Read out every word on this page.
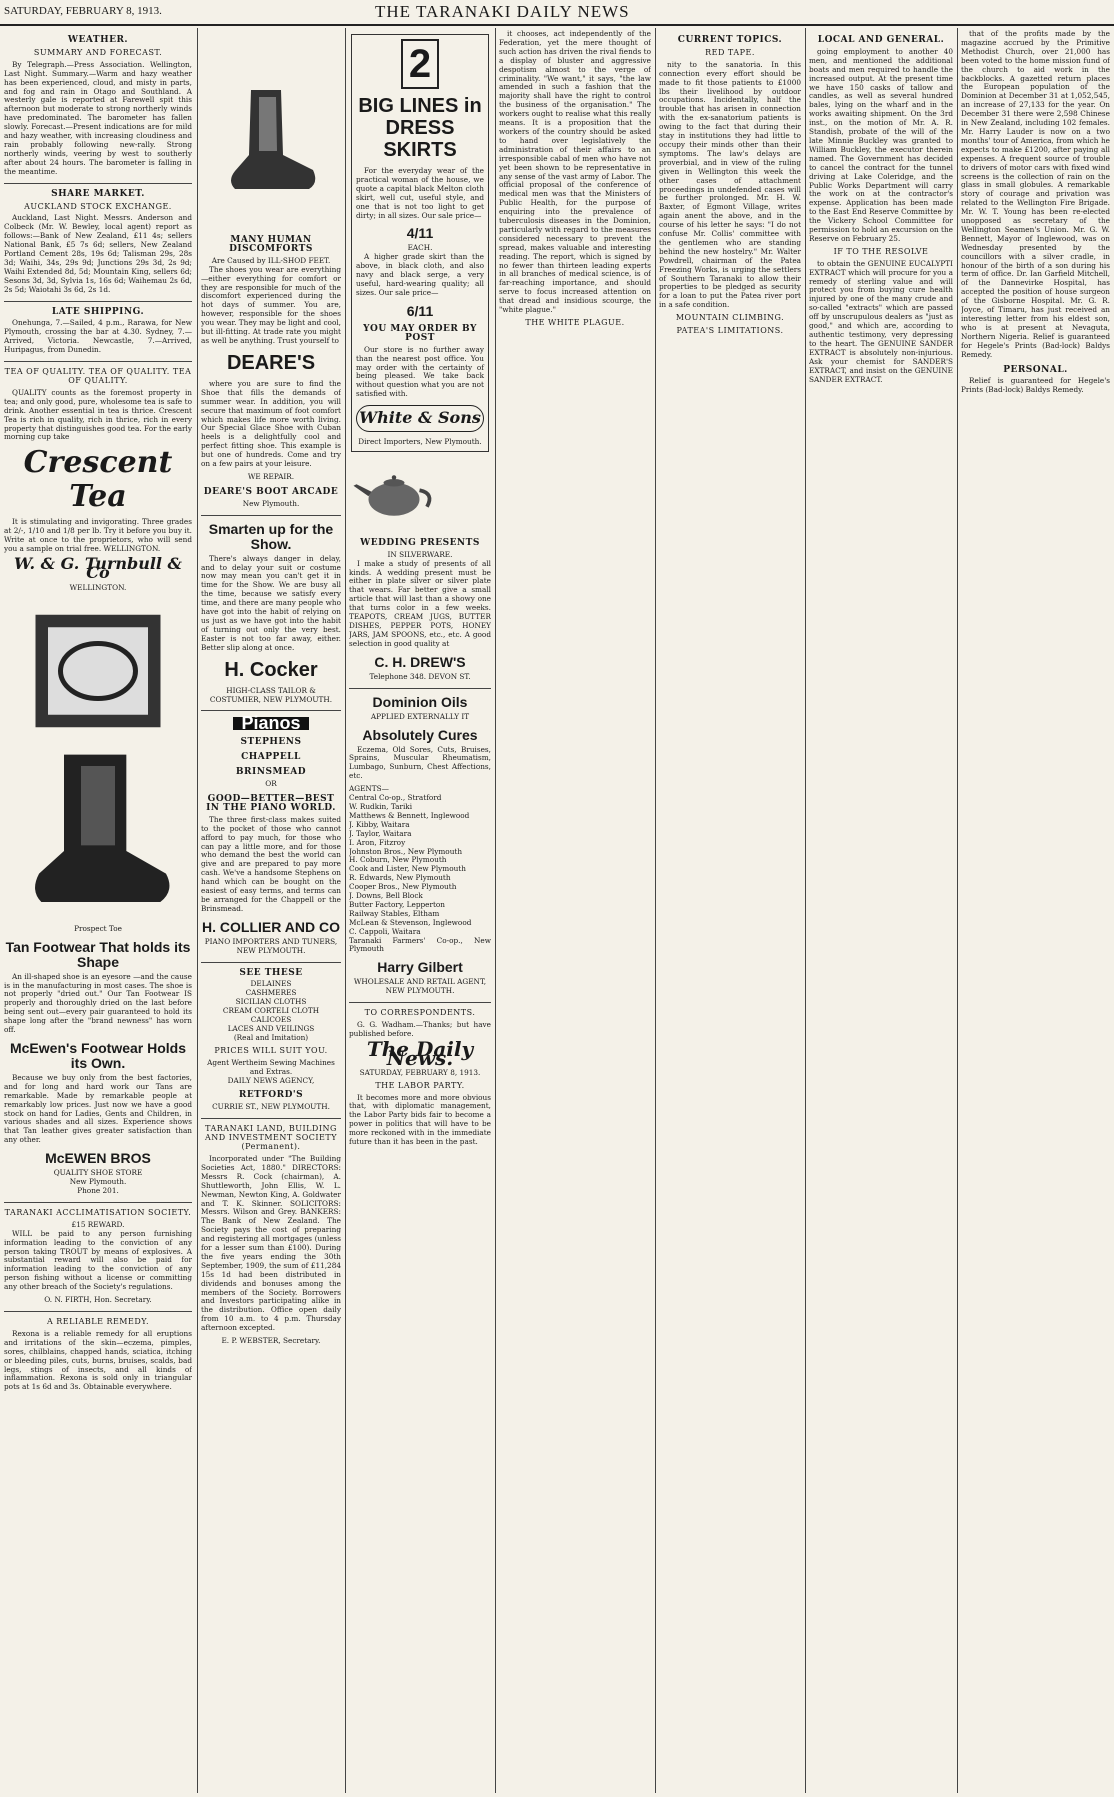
SATURDAY, FEBRUARY 8, 1913.	THE TARANAKI DAILY NEWS
WEATHER.
SUMMARY AND FORECAST.

By Telegraph.—Press Association. Wellington, Last Night. Summary.—Warm and hazy weather has been experienced, cloud, and misty in parts, and fog and rain in Otago and Southland. A westerly gale is reported at Farewell spit this afternoon but moderate to strong northerly winds have predominated. The barometer has fallen slowly. Forecast.—Present indications are for mild and hazy weather, with increasing cloudiness and rain probably following new-rally. Strong northerly winds, veering by west to southerly after about 24 hours. The barometer is falling in the meantime.

SHARE MARKET.
AUCKLAND STOCK EXCHANGE.

Auckland, Last Night. Messrs. Anderson and Colbeck (Mr. W. Bewley, local agent) report as follows:—Bank of New Zealand, £11 4s; sellers National Bank, £5 7s 6d; sellers, New Zealand Portland Cement 28s, 19s 6d; Talisman 29s, 28s 3d; Waihi, 34s, 29s 9d; Junctions 29s 3d, 2s 9d; Waihi Extended 8d, 5d; Mountain King, sellers 6d; Sesons 3d, 3d, Sylvia 1s, 16s 6d; Waihemau 2s 6d, 2s 5d; Waiotahi 3s 6d, 2s 1d.

LATE SHIPPING.

Onehunga, 7.—Sailed, 4 p.m., Rarawa, for New Plymouth, crossing the bar at 4.30. Sydney, 7.—Arrived, Victoria. Newcastle, 7.—Arrived, Huripagus, from Dunedin.

TEA OF QUALITY. TEA OF QUALITY. TEA OF QUALITY.

QUALITY counts as the foremost property in tea; and only good, pure, wholesome tea is safe to drink. Another essential in tea is thrice. Crescent Tea is rich in quality, rich in thrice, rich in every property that distinguishes good tea. For the early morning cup take

Crescent Tea

It is stimulating and invigorating. Three grades at 2/-, 1/10 and 1/8 per lb. Try it before you buy it. Write at once to the proprietors, who will send you a sample on trial free. WELLINGTON.

W. & G. Turnbull & Co
WELLINGTON.
Prospect Toe
Tan Footwear That holds its Shape

An ill-shaped shoe is an eyesore —and the cause is in the manufacturing in most cases. The shoe is not properly "dried out." Our Tan Footwear IS properly and thoroughly dried on the last before being sent out—every pair guaranteed to hold its shape long after the "brand newness" has worn off.

McEwen's Footwear Holds its Own.

Because we buy only from the best factories, and for long and hard work our Tans are remarkable. Made by remarkable people at remarkably low prices. Just now we have a good stock on hand for Ladies, Gents and Children, in various shades and all sizes. Experience shows that Tan leather gives greater satisfaction than any other.

McEWEN BROS
QUALITY SHOE STORE
New Plymouth.
Phone 201.
TARANAKI ACCLIMATISATION SOCIETY.
£15 REWARD.

WILL be paid to any person furnishing information leading to the conviction of any person taking TROUT by means of explosives. A substantial reward will also be paid for information leading to the conviction of any person fishing without a license or committing any other breach of the Society's regulations.

O. N. FIRTH, Hon. Secretary.
A RELIABLE REMEDY.

Rexona is a reliable remedy for all eruptions and irritations of the skin—eczema, pimples, sores, chilblains, chapped hands, sciatica, itching or bleeding piles, cuts, burns, bruises, scalds, bad legs, stings of insects, and all kinds of inflammation. Rexona is sold only in triangular pots at 1s 6d and 3s. Obtainable everywhere.

MANY HUMAN DISCOMFORTS
Are Caused by ILL-SHOD FEET.

The shoes you wear are everything—either everything for comfort or they are responsible for much of the discomfort experienced during the hot days of summer. You are, however, responsible for the shoes you wear. They may be light and cool, but ill-fitting. At trade rate you might as well be anything. Trust yourself to

DEARE'S

where you are sure to find the Shoe that fills the demands of summer wear. In addition, you will secure that maximum of foot comfort which makes life more worth living. Our Special Glace Shoe with Cuban heels is a delightfully cool and perfect fitting shoe. This example is but one of hundreds. Come and try on a few pairs at your leisure.

WE REPAIR.
DEARE'S BOOT ARCADE
New Plymouth.
Smarten up for the Show.

There's always danger in delay, and to delay your suit or costume now may mean you can't get it in time for the Show. We are busy all the time, because we satisfy every time, and there are many people who have got into the habit of relying on us just as we have got into the habit of turning out only the very best. Easter is not too far away, either. Better slip along at once.

H. Cocker
HIGH-CLASS TAILOR & COSTUMIER, NEW PLYMOUTH.
Pianos
STEPHENS
CHAPPELL
BRINSMEAD
OR
GOOD—BETTER—BEST IN THE PIANO WORLD.

The three first-class makes suited to the pocket of those who cannot afford to pay much, for those who can pay a little more, and for those who demand the best the world can give and are prepared to pay more cash. We've a handsome Stephens on hand which can be bought on the easiest of easy terms, and terms can be arranged for the Chappell or the Brinsmead.

H. COLLIER AND CO
PIANO IMPORTERS AND TUNERS, NEW PLYMOUTH.
SEE THESE
DELAINES
CASHMERES
SICILIAN CLOTHS
CREAM CORTELI CLOTH
CALICOES
LACES AND VEILINGS
(Real and Imitation)
PRICES WILL SUIT YOU.
Agent Wertheim Sewing Machines and Extras.
DAILY NEWS AGENCY,
RETFORD'S
CURRIE ST., NEW PLYMOUTH.
TARANAKI LAND, BUILDING AND INVESTMENT SOCIETY (Permanent).

Incorporated under "The Building Societies Act, 1880." DIRECTORS: Messrs R. Cock (chairman), A. Shuttleworth, John Ellis, W. L. Newman, Newton King, A. Goldwater and T. K. Skinner. SOLICITORS: Messrs. Wilson and Grey. BANKERS: The Bank of New Zealand. The Society pays the cost of preparing and registering all mortgages (unless for a lesser sum than £100). During the five years ending the 30th September, 1909, the sum of £11,284 15s 1d had been distributed in dividends and bonuses among the members of the Society. Borrowers and Investors participating alike in the distribution. Office open daily from 10 a.m. to 4 p.m. Thursday afternoon excepted.

E. P. WEBSTER, Secretary.
2
BIG LINES in DRESS SKIRTS

For the everyday wear of the practical woman of the house, we quote a capital black Melton cloth skirt, well cut, useful style, and one that is not too light to get dirty; in all sizes. Our sale price—

4/11
EACH.

A higher grade skirt than the above, in black cloth, and also navy and black serge, a very useful, hard-wearing quality; all sizes. Our sale price—

6/11
YOU MAY ORDER BY POST

Our store is no further away than the nearest post office. You may order with the certainty of being pleased. We take back without question what you are not satisfied with.

White & Sons
Direct Importers, New Plymouth.
WEDDING PRESENTS
IN SILVERWARE.

I make a study of presents of all kinds. A wedding present must be either in plate silver or silver plate that wears. Far better give a small article that will last than a showy one that turns color in a few weeks. TEAPOTS, CREAM JUGS, BUTTER DISHES, PEPPER POTS, HONEY JARS, JAM SPOONS, etc., etc. A good selection in good quality at

C. H. DREW'S
Telephone 348. DEVON ST.
Dominion Oils
APPLIED EXTERNALLY IT
Absolutely Cures

Eczema, Old Sores, Cuts, Bruises, Sprains, Muscular Rheumatism, Lumbago, Sunburn, Chest Affections, etc.

AGENTS—
Central Co-op., Stratford
W. Rudkin, Tariki
Matthews & Bennett, Inglewood
J. Kibby, Waitara
J. Taylor, Waitara
I. Aron, Fitzroy
Johnston Bros., New Plymouth
H. Coburn, New Plymouth
Cook and Lister, New Plymouth
R. Edwards, New Plymouth
Cooper Bros., New Plymouth
J. Downs, Bell Block
Butter Factory, Lepperton
Railway Stables, Eltham
McLean & Stevenson, Inglewood
C. Cappoli, Waitara
Taranaki Farmers' Co-op., New Plymouth
Harry Gilbert
WHOLESALE AND RETAIL AGENT, NEW PLYMOUTH.
TO CORRESPONDENTS.

G. G. Wadham.—Thanks; but have published before.

The Daily News.
SATURDAY, FEBRUARY 8, 1913.
THE LABOR PARTY.

It becomes more and more obvious that, with diplomatic management, the Labor Party bids fair to become a power in politics that will have to be more reckoned with in the immediate future than it has been in the past.

it chooses, act independently of the Federation, yet the mere thought of such action has driven the rival fiends to a display of bluster and aggressive despotism almost to the verge of criminality. "We want," it says, "the law amended in such a fashion that the majority shall have the right to control the business of the organisation." The workers ought to realise what this really means. It is a proposition that the workers of the country should be asked to hand over legislatively the administration of their affairs to an irresponsible cabal of men who have not yet been shown to be representative in any sense of the vast army of Labor. The official proposal of the conference of medical men was that the Ministers of Public Health, for the purpose of enquiring into the prevalence of tuberculosis diseases in the Dominion, particularly with regard to the measures considered necessary to prevent the spread, makes valuable and interesting reading. The report, which is signed by no fewer than thirteen leading experts in all branches of medical science, is of far-reaching importance, and should serve to focus increased attention on that dread and insidious scourge, the "white plague."

THE WHITE PLAGUE.
CURRENT TOPICS.
RED TAPE.

nity to the sanatoria. In this connection every effort should be made to fit those patients to £1000 lbs their livelihood by outdoor occupations. Incidentally, half the trouble that has arisen in connection with the ex-sanatorium patients is owing to the fact that during their stay in institutions they had little to occupy their minds other than their symptoms. The law's delays are proverbial, and in view of the ruling given in Wellington this week the other cases of attachment proceedings in undefended cases will be further prolonged. Mr. H. W. Baxter, of Egmont Village, writes again anent the above, and in the course of his letter he says: "I do not confuse Mr. Collis' committee with the gentlemen who are standing behind the new hostelry." Mr. Walter Powdrell, chairman of the Patea Freezing Works, is urging the settlers of Southern Taranaki to allow their properties to be pledged as security for a loan to put the Patea river port in a safe condition.

MOUNTAIN CLIMBING.
PATEA'S LIMITATIONS.
LOCAL AND GENERAL.

going employment to another 40 men, and mentioned the additional boats and men required to handle the increased output. At the present time we have 150 casks of tallow and candles, as well as several hundred bales, lying on the wharf and in the works awaiting shipment. On the 3rd inst., on the motion of Mr. A. R. Standish, probate of the will of the late Minnie Buckley was granted to William Buckley, the executor therein named. The Government has decided to cancel the contract for the tunnel driving at Lake Coleridge, and the Public Works Department will carry the work on at the contractor's expense. Application has been made to the East End Reserve Committee by the Vickery School Committee for permission to hold an excursion on the Reserve on February 25.

IF TO THE RESOLVE

to obtain the GENUINE EUCALYPTI EXTRACT which will procure for you a remedy of sterling value and will protect you from buying cure health injured by one of the many crude and so-called "extracts" which are passed off by unscrupulous dealers as "just as good," and which are, according to authentic testimony, very depressing to the heart. The GENUINE SANDER EXTRACT is absolutely non-injurious. Ask your chemist for SANDER'S EXTRACT, and insist on the GENUINE SANDER EXTRACT.

that of the profits made by the magazine accrued by the Primitive Methodist Church, over 21,000 has been voted to the home mission fund of the church to aid work in the backblocks. A gazetted return places the European population of the Dominion at December 31 at 1,052,545, an increase of 27,133 for the year. On December 31 there were 2,598 Chinese in New Zealand, including 102 females. Mr. Harry Lauder is now on a two months' tour of America, from which he expects to make £1200, after paying all expenses. A frequent source of trouble to drivers of motor cars with fixed wind screens is the collection of rain on the glass in small globules. A remarkable story of courage and privation was related to the Wellington Fire Brigade. Mr. W. T. Young has been re-elected unopposed as secretary of the Wellington Seamen's Union. Mr. G. W. Bennett, Mayor of Inglewood, was on Wednesday presented by the councillors with a silver cradle, in honour of the birth of a son during his term of office. Dr. Ian Garfield Mitchell, of the Dannevirke Hospital, has accepted the position of house surgeon of the Gisborne Hospital. Mr. G. R. Joyce, of Timaru, has just received an interesting letter from his eldest son, who is at present at Nevaguta, Northern Nigeria. Relief is guaranteed for Hegele's Prints (Bad-lock) Baldys Remedy.

PERSONAL.

Relief is guaranteed for Hegele's Prints (Bad-lock) Baldys Remedy.
